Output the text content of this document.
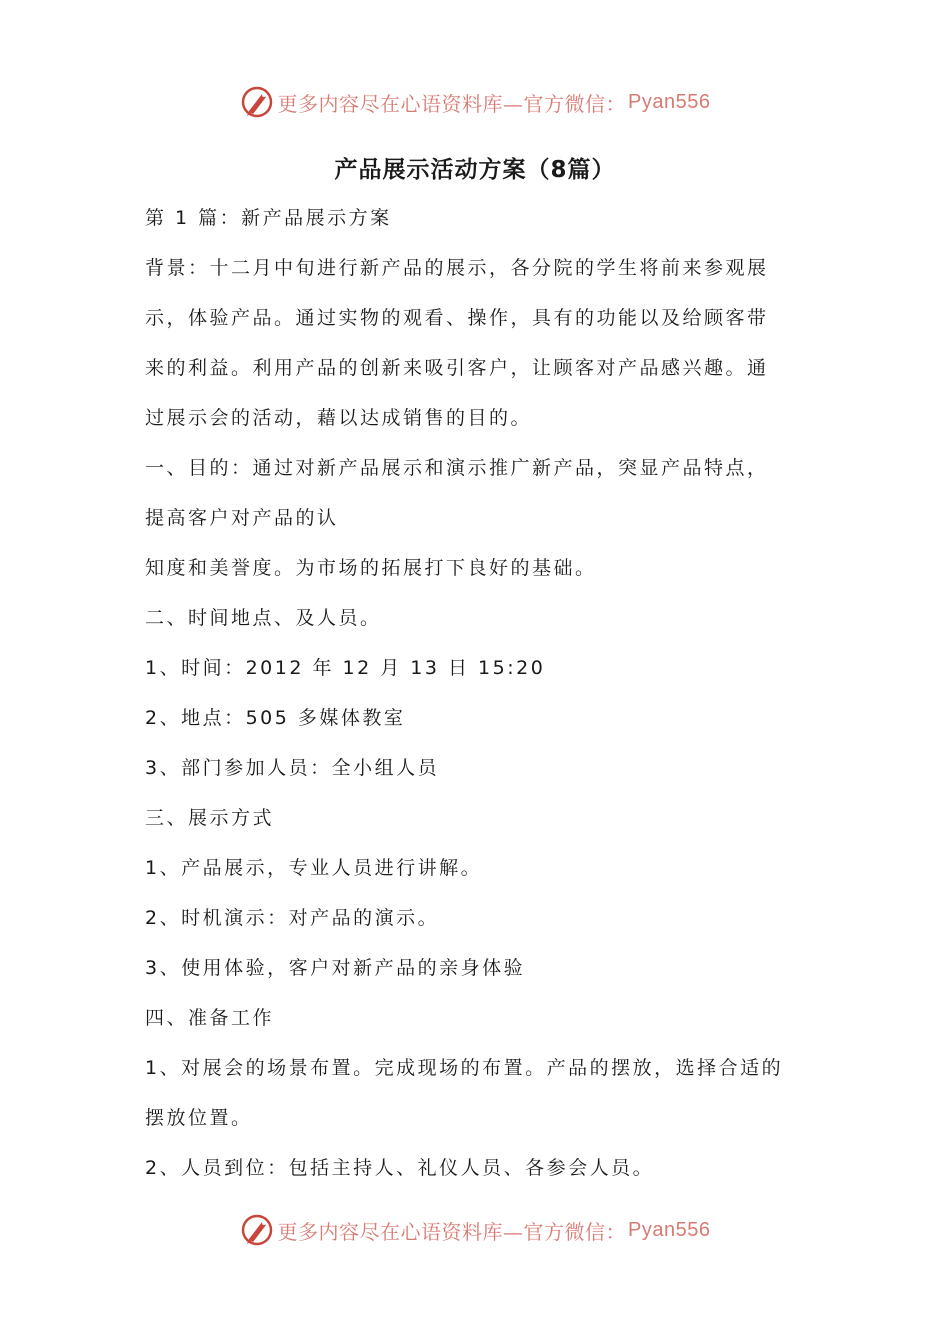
更多内容尽在心语资料库—官方微信： Pyan556
产品展示活动方案（8篇）

第 1 篇：新产品展示方案

背景：十二月中旬进行新产品的展示，各分院的学生将前来参观展

示，体验产品。通过实物的观看、操作，具有的功能以及给顾客带

来的利益。利用产品的创新来吸引客户，让顾客对产品感兴趣。通

过展示会的活动，藉以达成销售的目的。

一、目的：通过对新产品展示和演示推广新产品，突显产品特点，

提高客户对产品的认

知度和美誉度。为市场的拓展打下良好的基础。

二、时间地点、及人员。

1、时间：2012 年 12 月 13 日 15:20

2、地点：505 多媒体教室

3、部门参加人员：全小组人员

三、展示方式

1、产品展示，专业人员进行讲解。

2、时机演示：对产品的演示。

3、使用体验，客户对新产品的亲身体验

四、准备工作

1、对展会的场景布置。完成现场的布置。产品的摆放，选择合适的

摆放位置。

2、人员到位：包括主持人、礼仪人员、各参会人员。

更多内容尽在心语资料库—官方微信： Pyan556
